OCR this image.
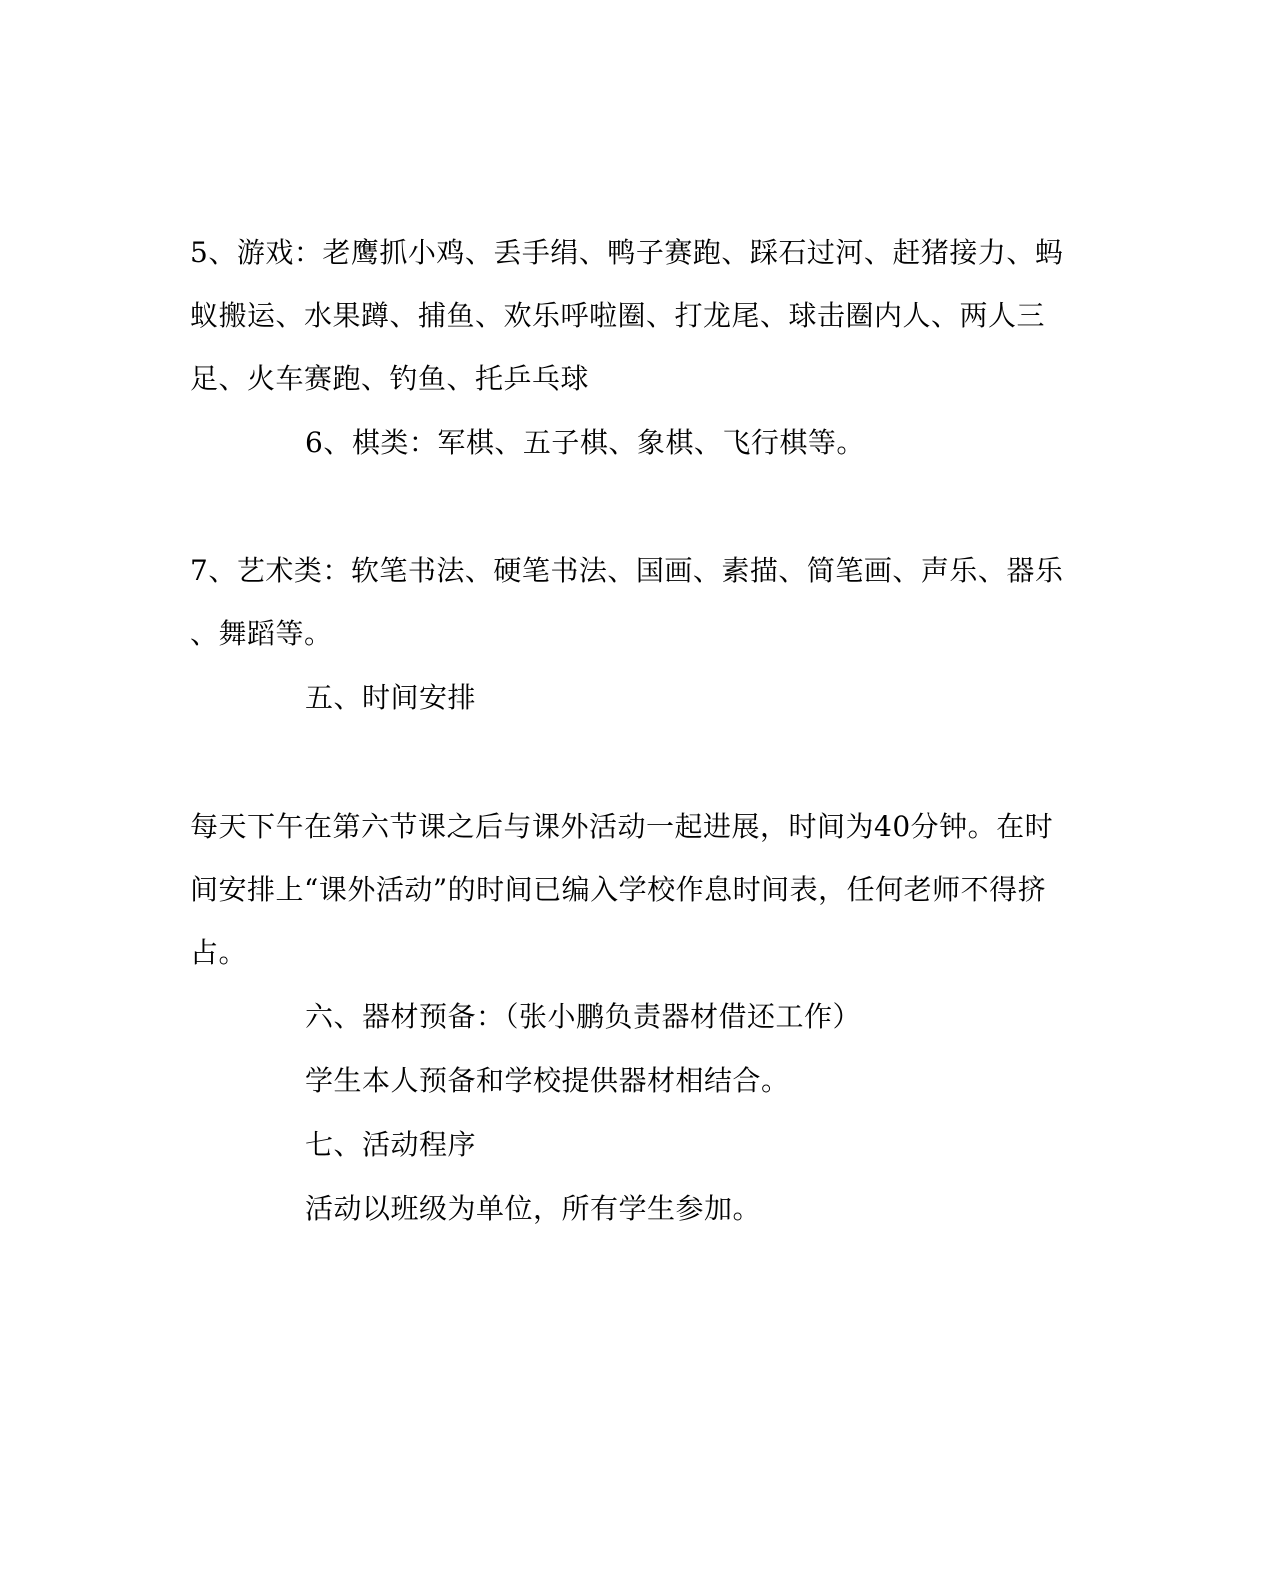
5、游戏：老鹰抓小鸡、丢手绢、鸭子赛跑、踩石过河、赶猪接力、蚂
蚁搬运、水果蹲、捕鱼、欢乐呼啦圈、打龙尾、球击圈内人、两人三
足、火车赛跑、钓鱼、托乒乓球
6、棋类：军棋、五子棋、象棋、飞行棋等。
7、艺术类：软笔书法、硬笔书法、国画、素描、简笔画、声乐、器乐
、舞蹈等。
五、时间安排
每天下午在第六节课之后与课外活动一起进展，时间为40分钟。在时
间安排上“课外活动”的时间已编入学校作息时间表，任何老师不得挤
占。
六、器材预备：（张小鹏负责器材借还工作）
学生本人预备和学校提供器材相结合。
七、活动程序
活动以班级为单位，所有学生参加。
